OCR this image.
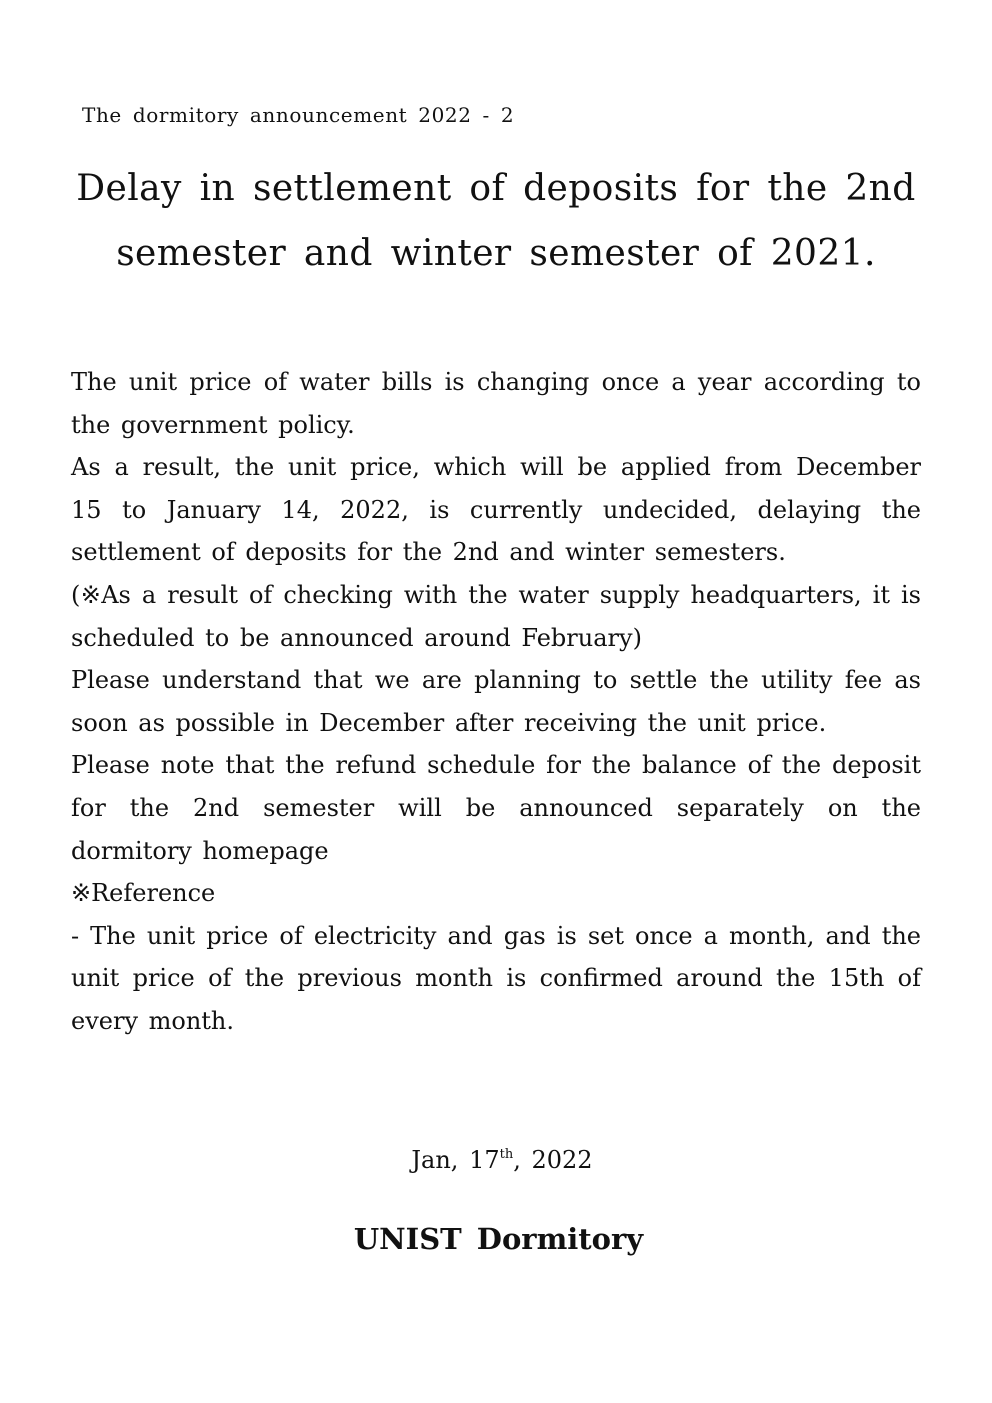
The dormitory announcement 2022 - 2
Delay in settlement of deposits for the 2nd
semester and winter semester of 2021.

The unit price of water bills is changing once a year according to the government policy.

As a result, the unit price, which will be applied from December 15 to January 14, 2022, is currently undecided, delaying the settlement of deposits for the 2nd and winter semesters.

(※As a result of checking with the water supply headquarters, it is scheduled to be announced around February)

Please understand that we are planning to settle the utility fee as soon as possible in December after receiving the unit price.

Please note that the refund schedule for the balance of the deposit for the 2nd semester will be announced separately on the dormitory homepage

※Reference

- The unit price of electricity and gas is set once a month, and the unit price of the previous month is confirmed around the 15th of every month.

Jan, 17th, 2022
UNIST Dormitory
